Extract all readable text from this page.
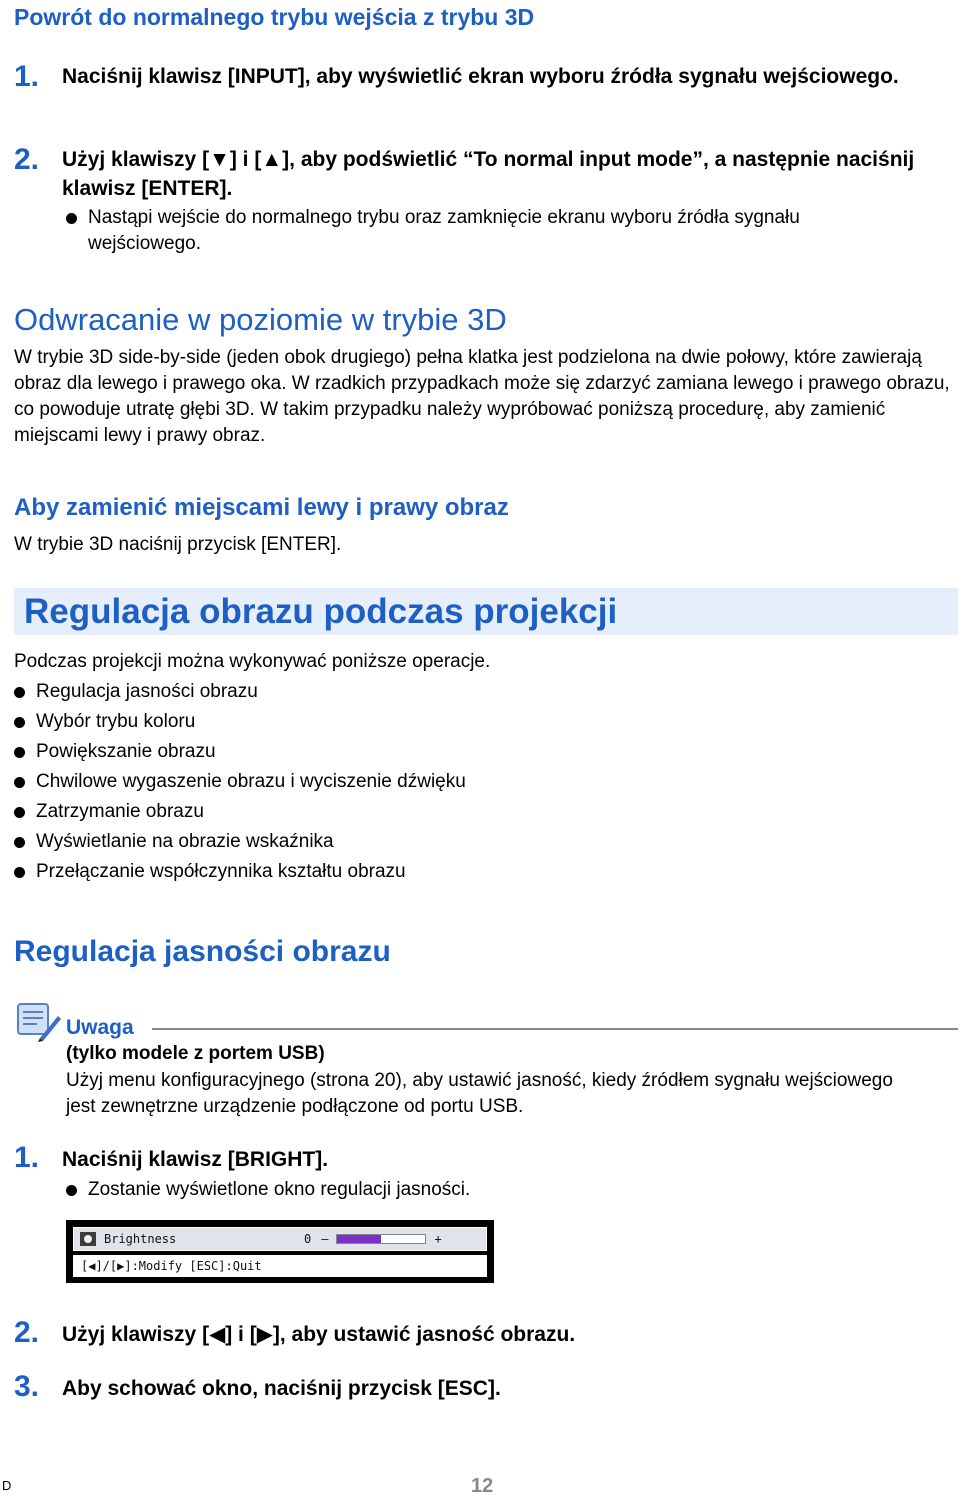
Powrót do normalnego trybu wejścia z trybu 3D
1. Naciśnij klawisz [INPUT], aby wyświetlić ekran wyboru źródła sygnału wejściowego.
2. Użyj klawiszy [▼] i [▲], aby podświetlić “To normal input mode”, a następnie naciśnij klawisz [ENTER].
Nastąpi wejście do normalnego trybu oraz zamknięcie ekranu wyboru źródła sygnału wejściowego.
Odwracanie w poziomie w trybie 3D
W trybie 3D side-by-side (jeden obok drugiego) pełna klatka jest podzielona na dwie połowy, które zawierają obraz dla lewego i prawego oka. W rzadkich przypadkach może się zdarzyć zamiana lewego i prawego obrazu, co powoduje utratę głębi 3D. W takim przypadku należy wypróbować poniższą procedurę, aby zamienić miejscami lewy i prawy obraz.
Aby zamienić miejscami lewy i prawy obraz
W trybie 3D naciśnij przycisk [ENTER].
Regulacja obrazu podczas projekcji
Podczas projekcji można wykonywać poniższe operacje.
Regulacja jasności obrazu
Wybór trybu koloru
Powiększanie obrazu
Chwilowe wygaszenie obrazu i wyciszenie dźwięku
Zatrzymanie obrazu
Wyświetlanie na obrazie wskaźnika
Przełączanie współczynnika kształtu obrazu
Regulacja jasności obrazu
Uwaga
(tylko modele z portem USB)
Użyj menu konfiguracyjnego (strona 20), aby ustawić jasność, kiedy źródłem sygnału wejściowego jest zewnętrzne urządzenie podłączone od portu USB.
1. Naciśnij klawisz [BRIGHT].
Zostanie wyświetlone okno regulacji jasności.
Brightness	0 –	+
[◀]/[▶]:Modify [ESC]:Quit
2. Użyj klawiszy [◀] i [▶], aby ustawić jasność obrazu.
3. Aby schować okno, naciśnij przycisk [ESC].
D	12
